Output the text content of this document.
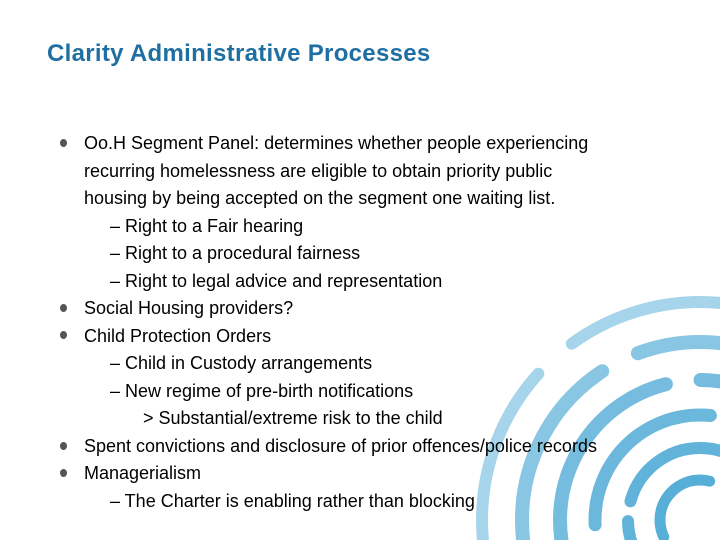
Clarity Administrative Processes
Oo.H Segment Panel: determines whether people experiencing
recurring homelessness are eligible to obtain priority public
housing by being accepted on the segment one waiting list.
– Right to a Fair hearing
– Right to a procedural fairness
– Right to legal advice and representation
Social Housing providers?
Child Protection Orders
– Child in Custody arrangements
– New regime of pre-birth notifications
> Substantial/extreme risk to the child
Spent convictions and disclosure of prior offences/police records
Managerialism
– The Charter is enabling rather than blocking
